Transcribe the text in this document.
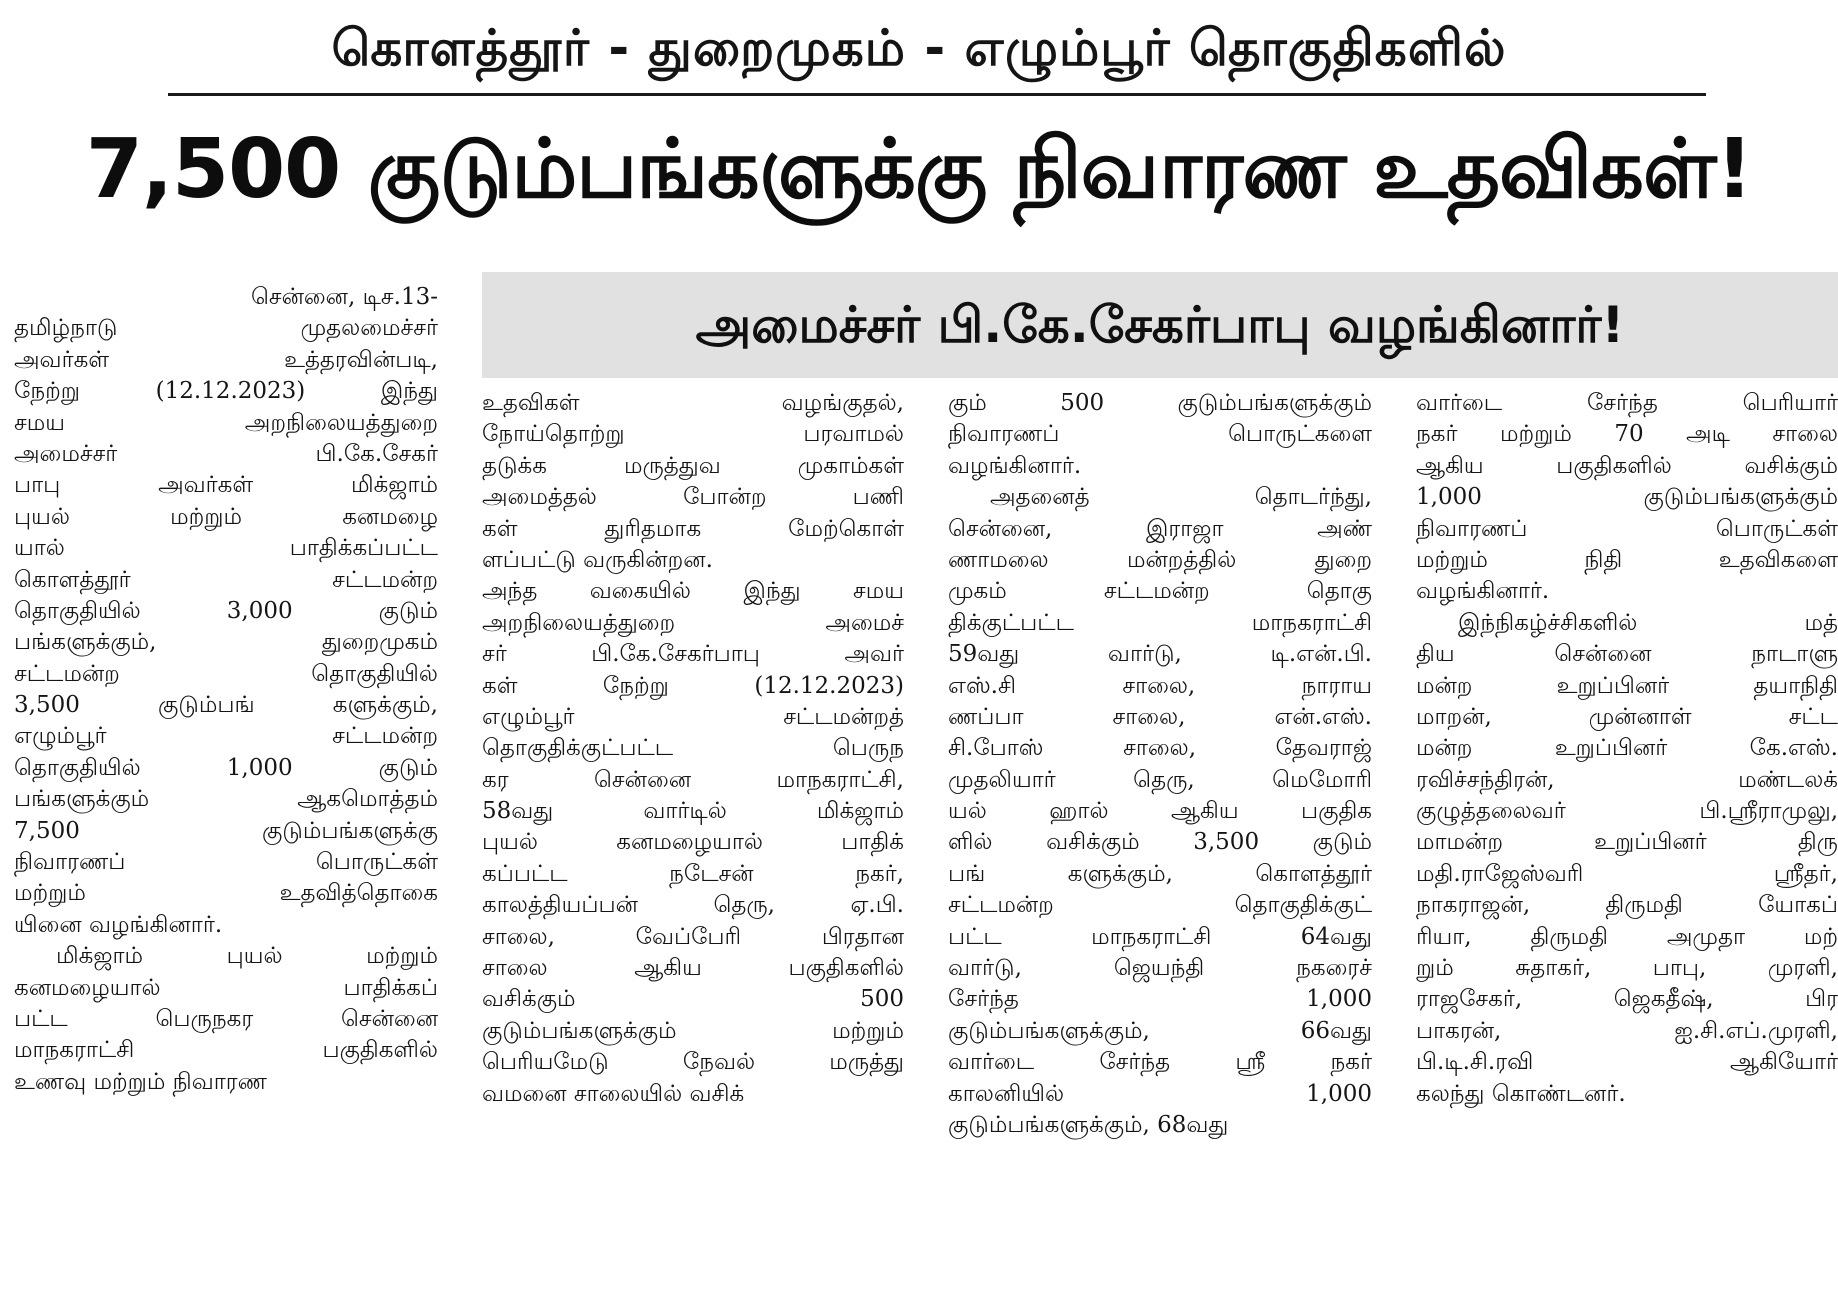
கொளத்தூர் - துறைமுகம் - எழும்பூர் தொகுதிகளில்
7,500 குடும்பங்களுக்கு நிவாரண உதவிகள்!
அமைச்சர் பி.கே.சேகர்பாபு வழங்கினார்!
சென்னை, டிச.13-
தமிழ்நாடு முதலமைச்சர்
அவர்கள் உத்தரவின்படி,
நேற்று (12.12.2023) இந்து
சமய அறநிலையத்துறை
அமைச்சர் பி.கே.சேகர்
பாபு அவர்கள் மிக்ஜாம்
புயல் மற்றும் கனமழை
யால் பாதிக்கப்பட்ட
கொளத்தூர் சட்டமன்ற
தொகுதியில் 3,000 குடும்
பங்களுக்கும், துறைமுகம்
சட்டமன்ற தொகுதியில்
3,500 குடும்பங் களுக்கும்,
எழும்பூர் சட்டமன்ற
தொகுதியில் 1,000 குடும்
பங்களுக்கும் ஆகமொத்தம்
7,500 குடும்பங்களுக்கு
நிவாரணப் பொருட்கள்
மற்றும் உதவித்தொகை
யினை வழங்கினார்.
மிக்ஜாம் புயல் மற்றும்
கனமழையால் பாதிக்கப்
பட்ட பெருநகர சென்னை
மாநகராட்சி பகுதிகளில்
உணவு மற்றும் நிவாரண
உதவிகள் வழங்குதல்,
நோய்தொற்று பரவாமல்
தடுக்க மருத்துவ முகாம்கள்
அமைத்தல் போன்ற பணி
கள் துரிதமாக மேற்கொள்
ளப்பட்டு வருகின்றன.
அந்த வகையில் இந்து சமய
அறநிலையத்துறை அமைச்
சர் பி.கே.சேகர்பாபு அவர்
கள் நேற்று (12.12.2023)
எழும்பூர் சட்டமன்றத்
தொகுதிக்குட்பட்ட பெருந
கர சென்னை மாநகராட்சி,
58வது வார்டில் மிக்ஜாம்
புயல் கனமழையால் பாதிக்
கப்பட்ட நடேசன் நகர்,
காலத்தியப்பன் தெரு, ஏ.பி.
சாலை, வேப்பேரி பிரதான
சாலை ஆகிய பகுதிகளில்
வசிக்கும் 500
குடும்பங்களுக்கும் மற்றும்
பெரியமேடு நேவல் மருத்து
வமனை சாலையில் வசிக்
கும் 500 குடும்பங்களுக்கும்
நிவாரணப் பொருட்களை
வழங்கினார்.
அதனைத் தொடர்ந்து,
சென்னை, இராஜா அண்
ணாமலை மன்றத்தில் துறை
முகம் சட்டமன்ற தொகு
திக்குட்பட்ட மாநகராட்சி
59வது வார்டு, டி.என்.பி.
எஸ்.சி சாலை, நாராய
ணப்பா சாலை, என்.எஸ்.
சி.போஸ் சாலை, தேவராஜ்
முதலியார் தெரு, மெமோரி
யல் ஹால் ஆகிய பகுதிக
ளில் வசிக்கும் 3,500 குடும்
பங் களுக்கும், கொளத்தூர்
சட்டமன்ற தொகுதிக்குட்
பட்ட மாநகராட்சி 64வது
வார்டு, ஜெயந்தி நகரைச்
சேர்ந்த 1,000
குடும்பங்களுக்கும், 66வது
வார்டை சேர்ந்த ஸ்ரீ நகர்
காலனியில் 1,000
குடும்பங்களுக்கும், 68வது
வார்டை சேர்ந்த பெரியார்
நகர் மற்றும் 70 அடி சாலை
ஆகிய பகுதிகளில் வசிக்கும்
1,000 குடும்பங்களுக்கும்
நிவாரணப் பொருட்கள்
மற்றும் நிதி உதவிகளை
வழங்கினார்.
இந்நிகழ்ச்சிகளில் மத்
திய சென்னை நாடாளு
மன்ற உறுப்பினர் தயாநிதி
மாறன், முன்னாள் சட்ட
மன்ற உறுப்பினர் கே.எஸ்.
ரவிச்சந்திரன், மண்டலக்
குழுத்தலைவர் பி.ஸ்ரீராமுலு,
மாமன்ற உறுப்பினர் திரு
மதி.ராஜேஸ்வரி ஸ்ரீதர்,
நாகராஜன், திருமதி யோகப்
ரியா, திருமதி அமுதா மற்
றும் சுதாகர், பாபு, முரளி,
ராஜசேகர், ஜெகதீஷ், பிர
பாகரன், ஐ.சி.எப்.முரளி,
பி.டி.சி.ரவி ஆகியோர்
கலந்து கொண்டனர்.
